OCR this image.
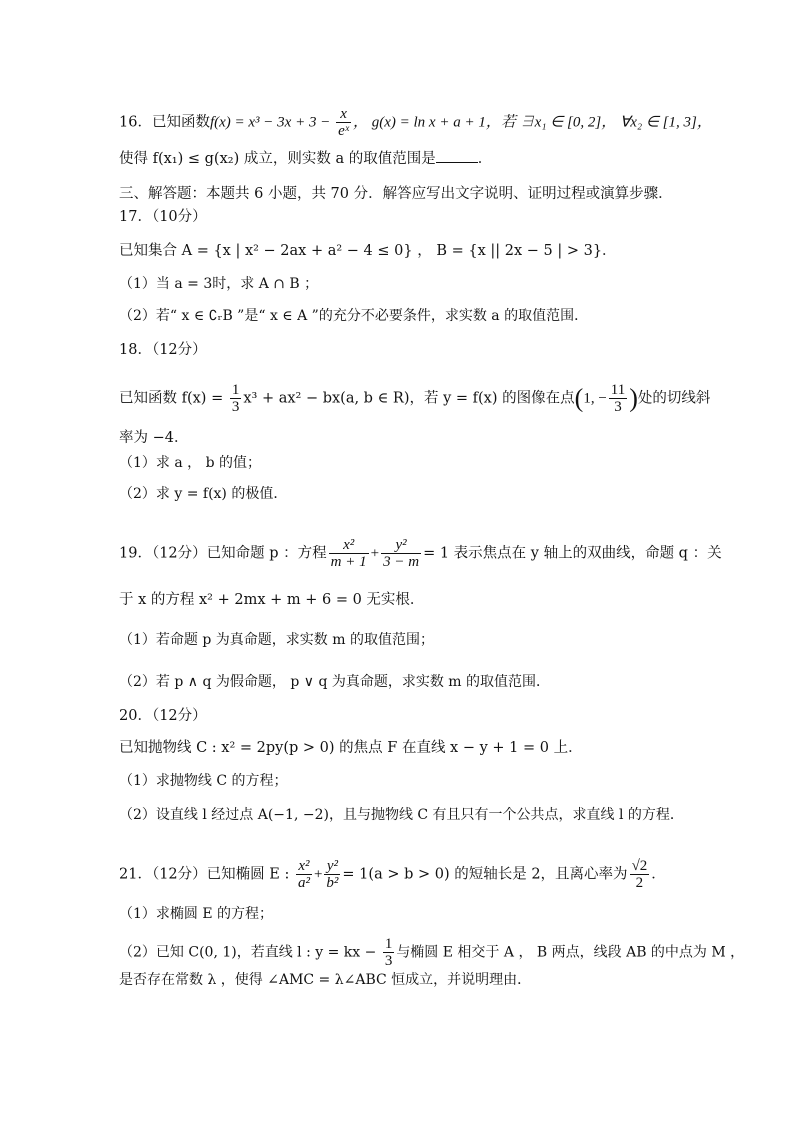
16．已知函数$f(x) = x^3 - 3x + 3 - \frac{x}{\text{eˣ}}$ ， g(x) = ln x + a + 1，若 ∃x₁ ∈ [0, 2]， ∀x₂ ∈ [1, 3]，
使得 f(x₁) ≤ g(x₂) 成立，则实数 a 的取值范围是	．
三、解答题：本题共 6 小题，共 70 分．解答应写出文字说明、证明过程或演算步骤．
17．（10分）
已知集合 A = {x | x² − 2ax + a² − 4 ≤ 0} ， B = {x || 2x − 5 | > 3}．
（1）当 a = 3时，求 A ∩ B ；
（2）若“ x ∈ ∁ᵣB ”是“ x ∈ A ”的充分不必要条件，求实数 a 的取值范围．
18．（12分）
已知函数 $f(x) = \frac{1}{3} x^3 + ax^2 - bx(a$, b ∈ R)，若 y = f(x) 的图像在点(1, − $\frac{11}{3}$ )处的切线斜
率为 −4．
（1）求 a ， b 的值；
（2）求 y = f(x) 的极值．
19．（12分）已知命题 p ：方程 $\frac{\text{x²}}{m + 1} + \frac{\text{y²}}{3 - m} = 1$ 表示焦点在 y 轴上的双曲线，命题 q ：关
于 x 的方程 x² + 2mx + m + 6 = 0 无实根．
（1）若命题 p 为真命题，求实数 m 的取值范围；
（2）若 p ∧ q 为假命题， p ∨ q 为真命题，求实数 m 的取值范围．
20．（12分）
已知抛物线 C : x² = 2py(p > 0) 的焦点 F 在直线 x − y + 1 = 0 上．
（1）求抛物线 C 的方程；
（2）设直线 l 经过点 A(−1, −2)，且与抛物线 C 有且只有一个公共点，求直线 l 的方程．
21．（12分）已知椭圆 E : $\frac{\text{x²}}{\text{a²}} + \frac{\text{y²}}{\text{b²}} = 1(a > b > 0)$ 的短轴长是 2，且离心率为 $\frac{√2}{2}$ ．
（1）求椭圆 E 的方程；
（2）已知 C(0, 1)，若直线 l : y = kx − $\frac{1}{3}$ 与椭圆 E 相交于 A ， B 两点，线段 AB 的中点为 M ，
是否存在常数 λ ，使得 ∠AMC = λ∠ABC 恒成立，并说明理由．
